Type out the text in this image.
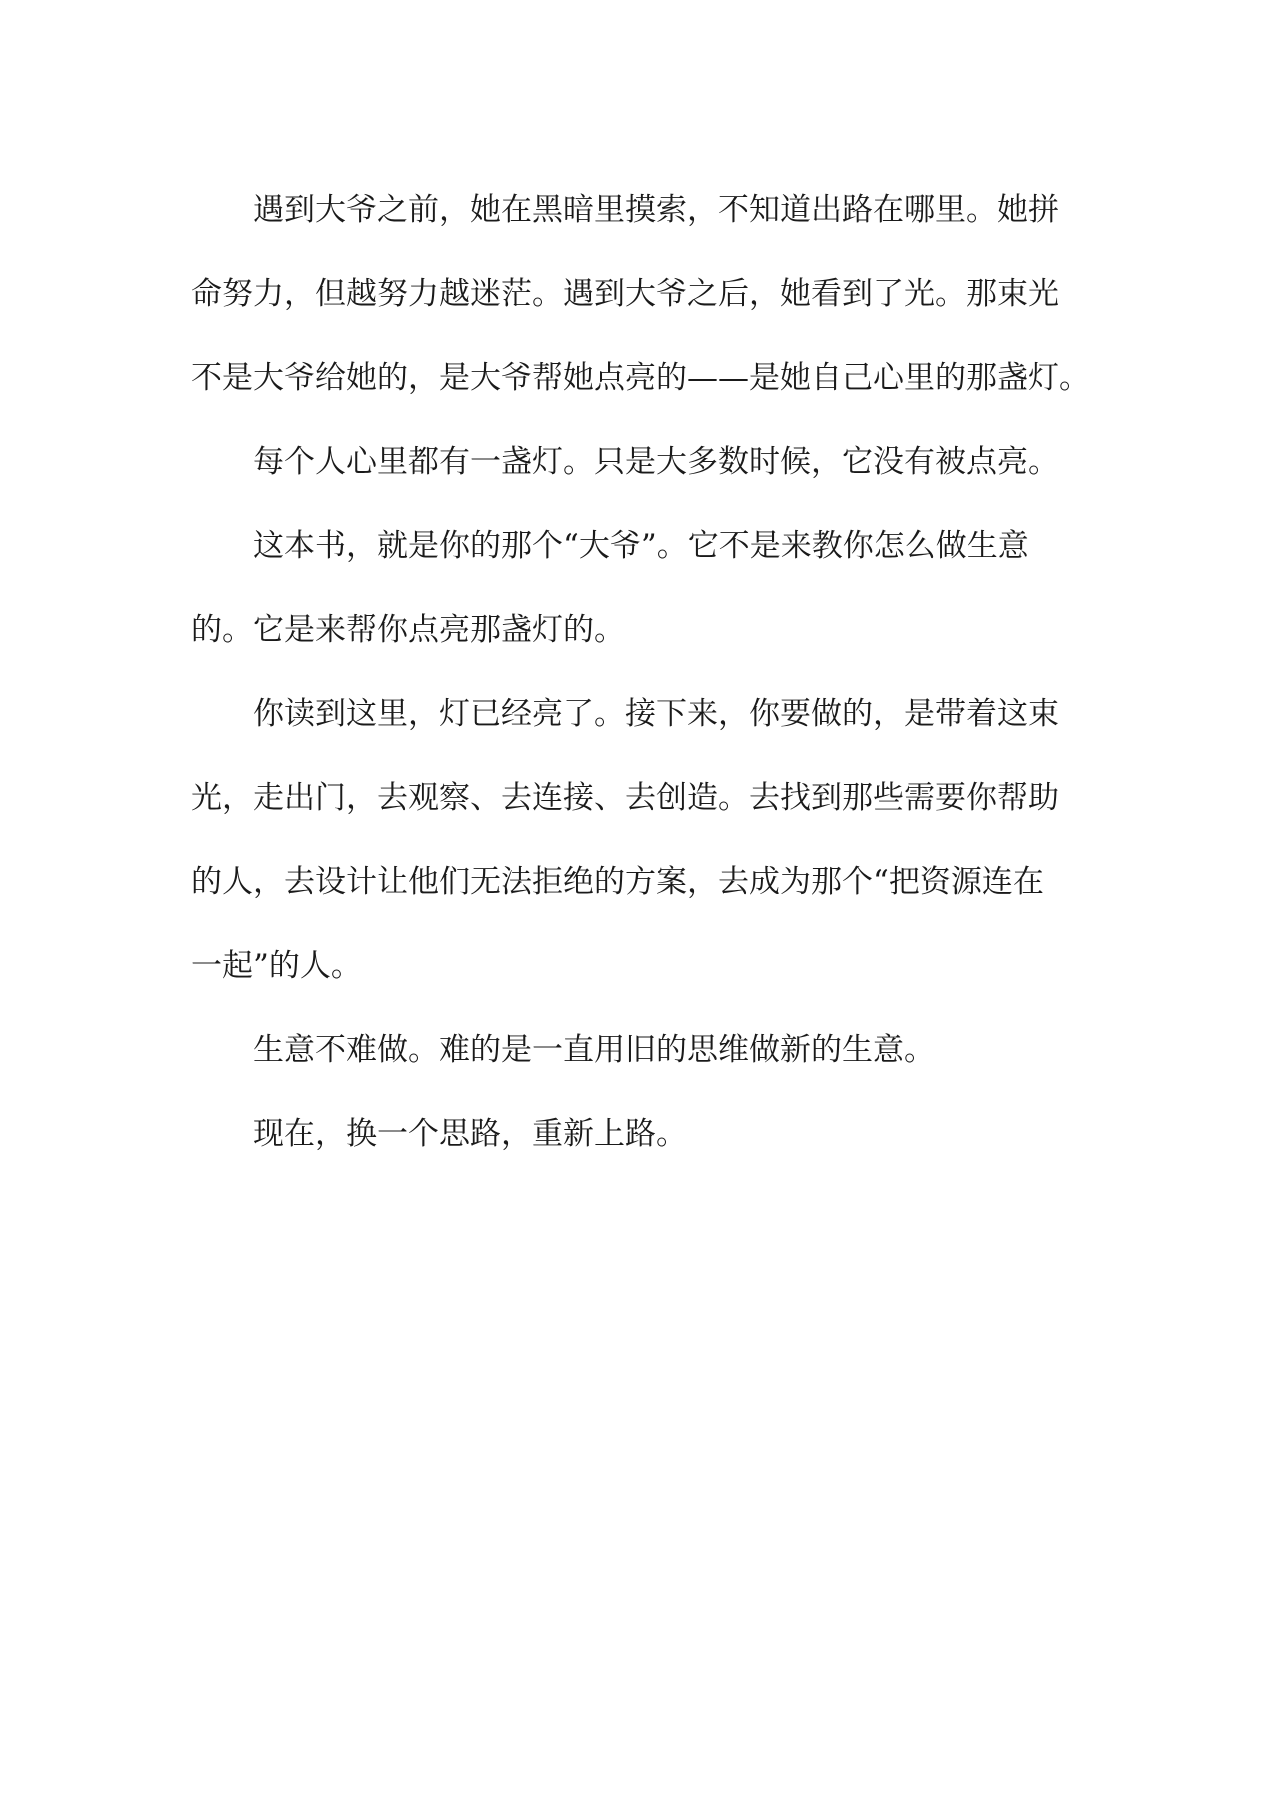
遇到大爷之前，她在黑暗里摸索，不知道出路在哪里。她拼
命努力，但越努力越迷茫。遇到大爷之后，她看到了光。那束光
不是大爷给她的，是大爷帮她点亮的——是她自己心里的那盏灯。
每个人心里都有一盏灯。只是大多数时候，它没有被点亮。
这本书，就是你的那个“大爷”。它不是来教你怎么做生意
的。它是来帮你点亮那盏灯的。
你读到这里，灯已经亮了。接下来，你要做的，是带着这束
光，走出门，去观察、去连接、去创造。去找到那些需要你帮助
的人，去设计让他们无法拒绝的方案，去成为那个“把资源连在
一起”的人。
生意不难做。难的是一直用旧的思维做新的生意。
现在，换一个思路，重新上路。
